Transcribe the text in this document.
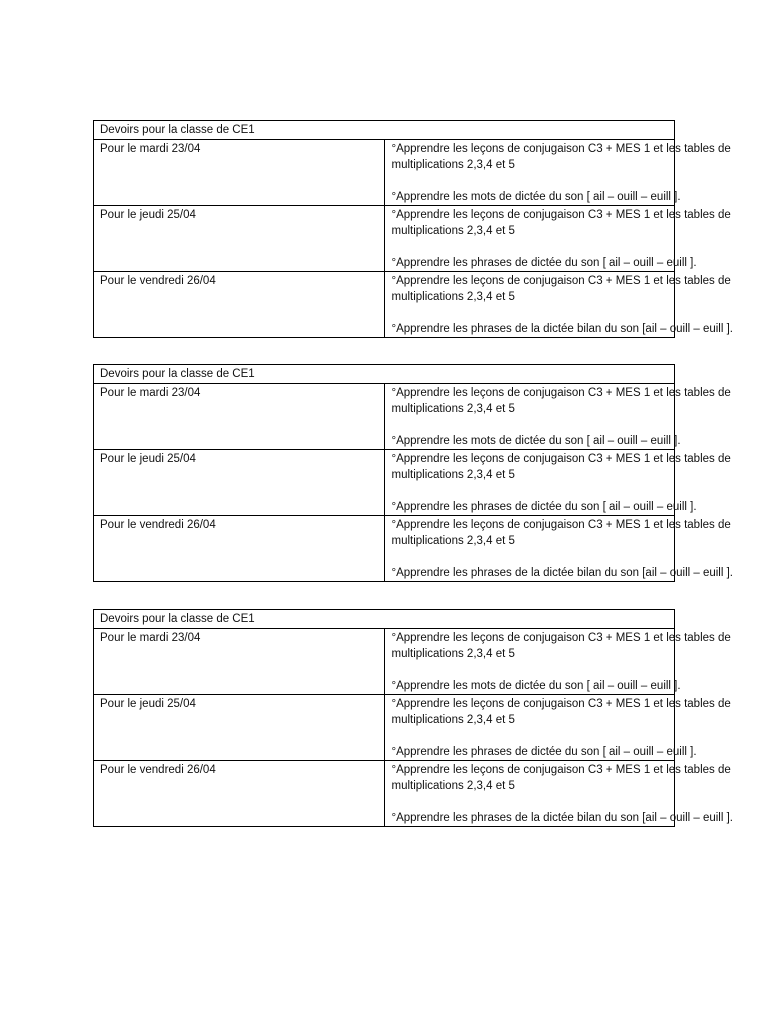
Devoirs pour la classe de CE1	
Pour le mardi 23/04	°Apprendre les leçons de conjugaison C3 + MES 1 et les tables de
multiplications 2,3,4 et 5
°Apprendre les mots de dictée du son [ ail – ouill – euill ].

Pour le jeudi 25/04	°Apprendre les leçons de conjugaison C3 + MES 1 et les tables de
multiplications 2,3,4 et 5
°Apprendre les phrases de dictée du son [ ail – ouill – euill ].

Pour le vendredi 26/04	°Apprendre les leçons de conjugaison C3 + MES 1 et les tables de
multiplications 2,3,4 et 5
°Apprendre les phrases de la dictée bilan du son [ail – ouill – euill ].
Devoirs pour la classe de CE1	
Pour le mardi 23/04	°Apprendre les leçons de conjugaison C3 + MES 1 et les tables de
multiplications 2,3,4 et 5
°Apprendre les mots de dictée du son [ ail – ouill – euill ].

Pour le jeudi 25/04	°Apprendre les leçons de conjugaison C3 + MES 1 et les tables de
multiplications 2,3,4 et 5
°Apprendre les phrases de dictée du son [ ail – ouill – euill ].

Pour le vendredi 26/04	°Apprendre les leçons de conjugaison C3 + MES 1 et les tables de
multiplications 2,3,4 et 5
°Apprendre les phrases de la dictée bilan du son [ail – ouill – euill ].
Devoirs pour la classe de CE1	
Pour le mardi 23/04	°Apprendre les leçons de conjugaison C3 + MES 1 et les tables de
multiplications 2,3,4 et 5
°Apprendre les mots de dictée du son [ ail – ouill – euill ].

Pour le jeudi 25/04	°Apprendre les leçons de conjugaison C3 + MES 1 et les tables de
multiplications 2,3,4 et 5
°Apprendre les phrases de dictée du son [ ail – ouill – euill ].

Pour le vendredi 26/04	°Apprendre les leçons de conjugaison C3 + MES 1 et les tables de
multiplications 2,3,4 et 5
°Apprendre les phrases de la dictée bilan du son [ail – ouill – euill ].
